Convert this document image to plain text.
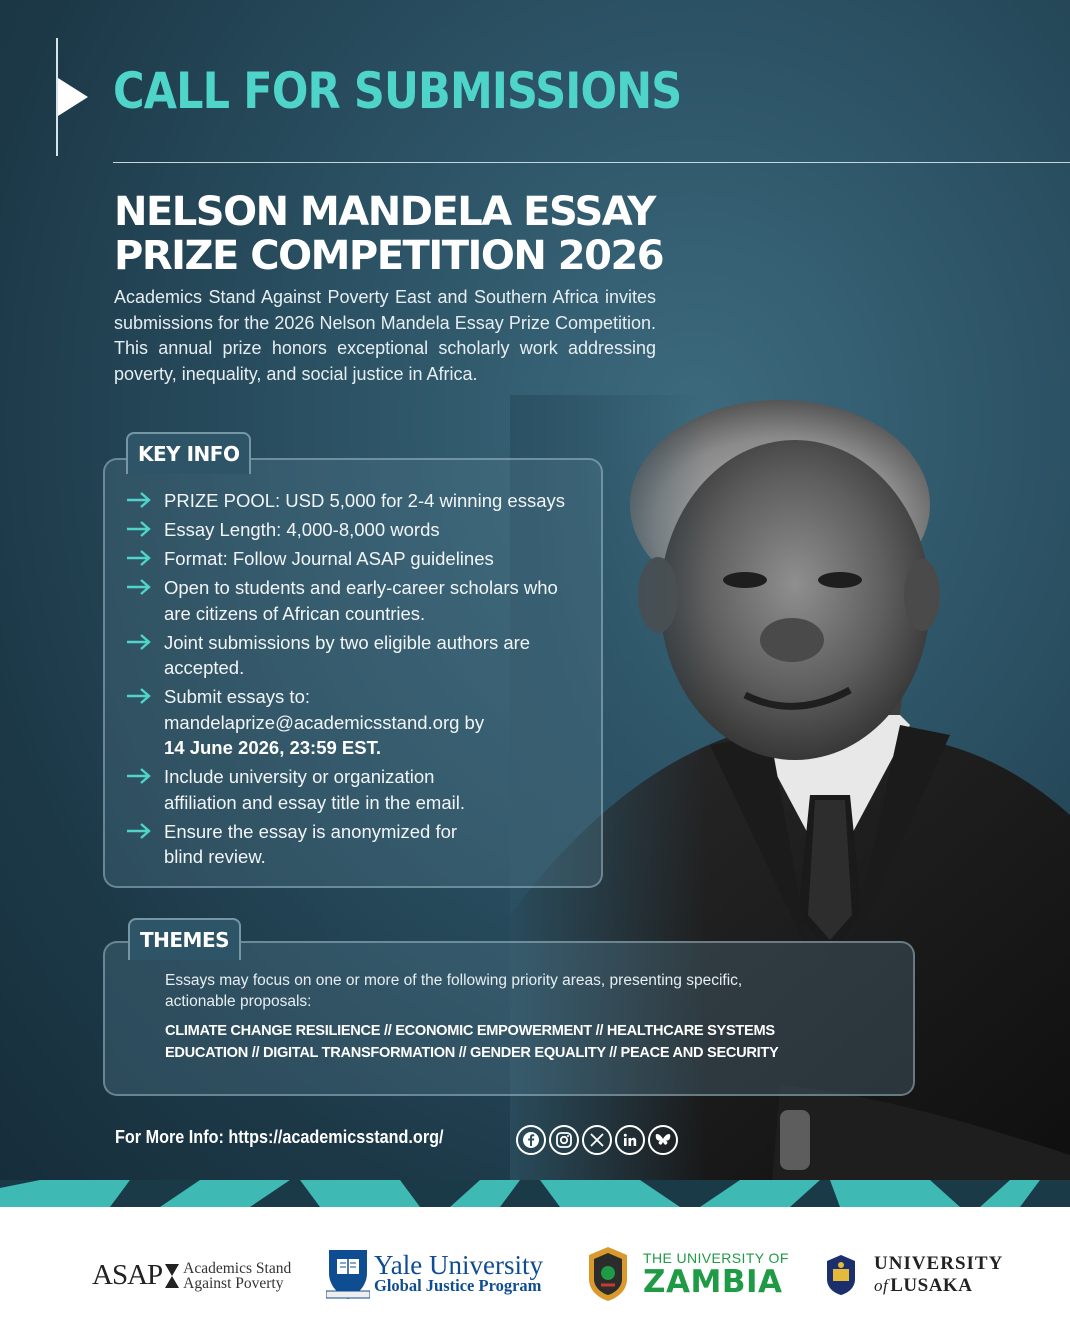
CALL FOR SUBMISSIONS
NELSON MANDELA ESSAY
PRIZE COMPETITION 2026

Academics Stand Against Poverty East and Southern Africa invites submissions for the 2026 Nelson Mandela Essay Prize Competition. This annual prize honors exceptional scholarly work addressing poverty, inequality, and social justice in Africa.

KEY INFO
PRIZE POOL: USD 5,000 for 2-4 winning essays
Essay Length: 4,000-8,000 words
Format: Follow Journal ASAP guidelines
Open to students and early-career scholars who are citizens of African countries.
Joint submissions by two eligible authors are accepted.
Submit essays to: mandelaprize@academicsstand.org by
14 June 2026, 23:59 EST.
Include university or organization affiliation and essay title in the email.
Ensure the essay is anonymized for blind review.
THEMES

Essays may focus on one or more of the following priority areas, presenting specific, actionable proposals:

CLIMATE CHANGE RESILIENCE // ECONOMIC EMPOWERMENT // HEALTHCARE SYSTEMS
EDUCATION // DIGITAL TRANSFORMATION // GENDER EQUALITY // PEACE AND SECURITY
For More Info: https://academicsstand.org/
ASAP Academics Stand
Against Poverty
Yale University
Global Justice Program
THE UNIVERSITY OF
ZAMBIA
UNIVERSITY
of LUSAKA
